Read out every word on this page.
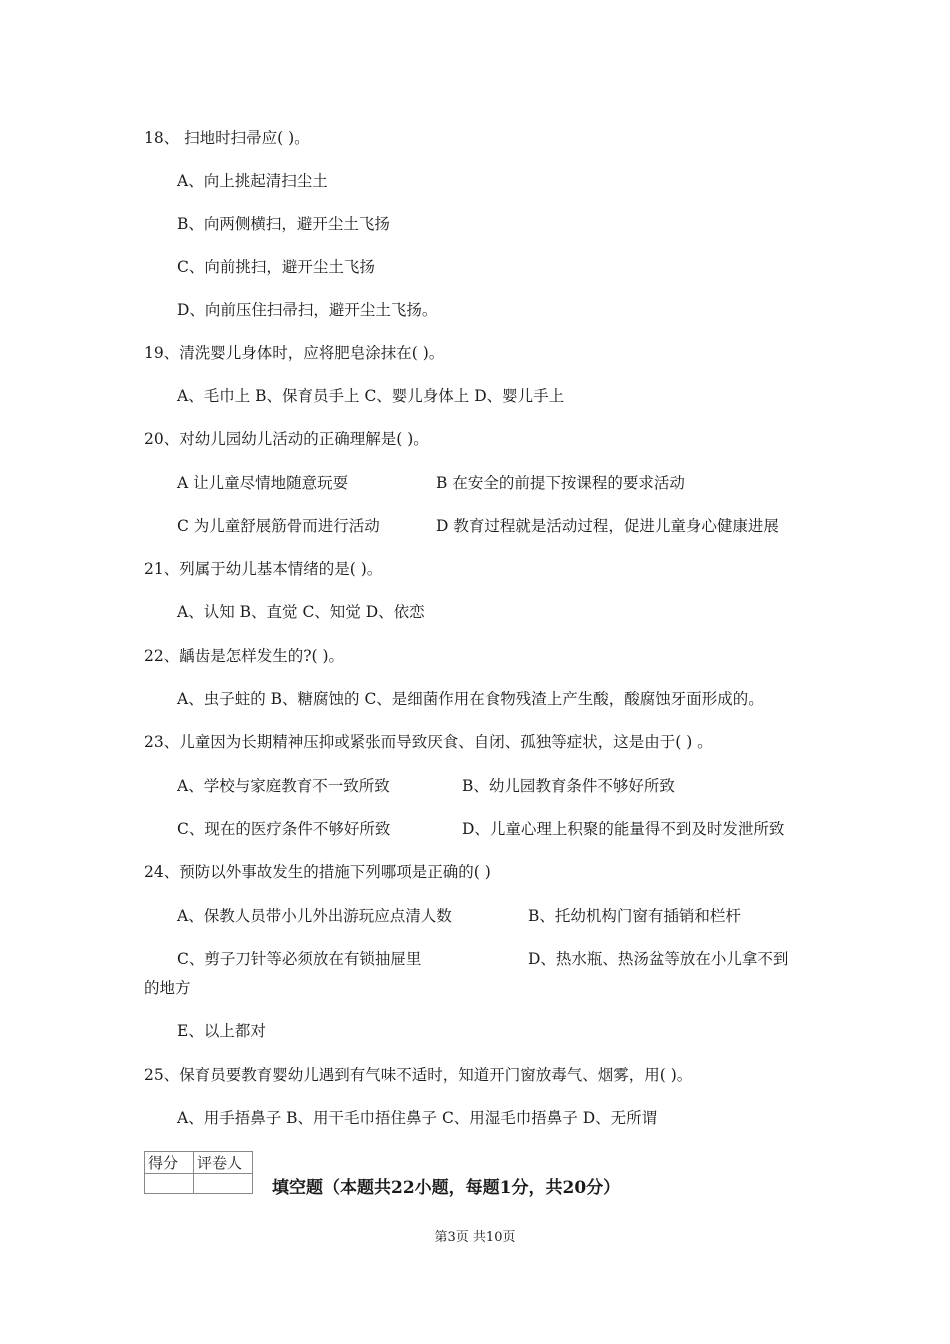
18、 扫地时扫帚应( )。
A、向上挑起清扫尘土
B、向两侧横扫，避开尘土飞扬
C、向前挑扫，避开尘土飞扬
D、向前压住扫帚扫，避开尘土飞扬。
19、清洗婴儿身体时，应将肥皂涂抹在( )。
A、毛巾上 B、保育员手上 C、婴儿身体上 D、婴儿手上
20、对幼儿园幼儿活动的正确理解是( )。
A 让儿童尽情地随意玩耍	B 在安全的前提下按课程的要求活动
C 为儿童舒展筋骨而进行活动	D 教育过程就是活动过程，促进儿童身心健康进展
21、列属于幼儿基本情绪的是( )。
A、认知 B、直觉 C、知觉 D、依恋
22、龋齿是怎样发生的?( )。
A、虫子蛀的 B、糖腐蚀的 C、是细菌作用在食物残渣上产生酸，酸腐蚀牙面形成的。
23、儿童因为长期精神压抑或紧张而导致厌食、自闭、孤独等症状，这是由于( ) 。
A、学校与家庭教育不一致所致	B、幼儿园教育条件不够好所致
C、现在的医疗条件不够好所致	D、儿童心理上积聚的能量得不到及时发泄所致
24、预防以外事故发生的措施下列哪项是正确的( )
A、保教人员带小儿外出游玩应点清人数	B、托幼机构门窗有插销和栏杆
C、剪子刀针等必须放在有锁抽屉里	D、热水瓶、热汤盆等放在小儿拿不到
的地方
E、以上都对
25、保育员要教育婴幼儿遇到有气味不适时，知道开门窗放毒气、烟雾，用( )。
A、用手捂鼻子 B、用干毛巾捂住鼻子 C、用湿毛巾捂鼻子 D、无所谓
得分	评卷人

填空题（本题共22小题，每题1分，共20分）
第3页 共10页
